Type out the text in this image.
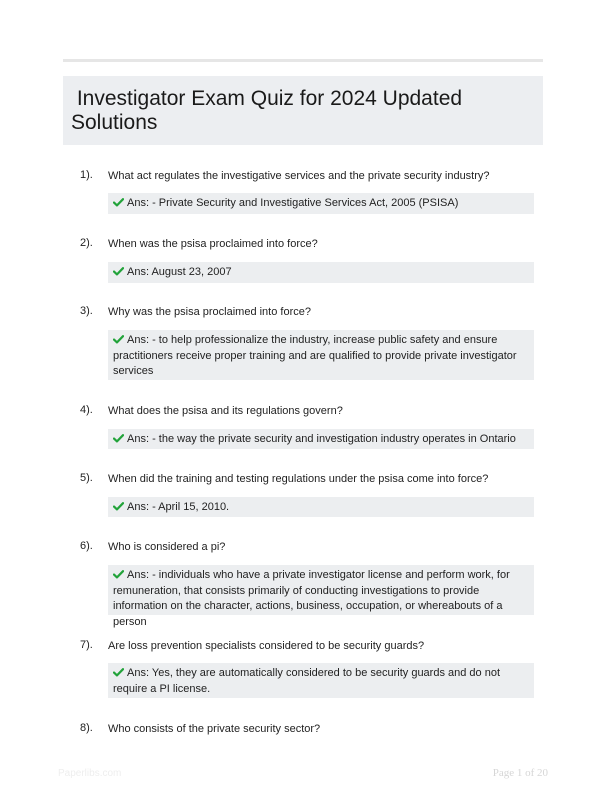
Investigator Exam Quiz for 2024 Updated
Solutions
1).	What act regulates the investigative services and the private security industry?
Ans: - Private Security and Investigative Services Act, 2005 (PSISA)
2).	When was the psisa proclaimed into force?
Ans: August 23, 2007
3).	Why was the psisa proclaimed into force?
Ans: - to help professionalize the industry, increase public safety and ensure practitioners receive proper training and are qualified to provide private investigator services
4).	What does the psisa and its regulations govern?
Ans: - the way the private security and investigation industry operates in Ontario
5).	When did the training and testing regulations under the psisa come into force?
Ans: - April 15, 2010.
6).	Who is considered a pi?
Ans: - individuals who have a private investigator license and perform work, for remuneration, that consists primarily of conducting investigations to provide information on the character, actions, business, occupation, or whereabouts of a person
7).	Are loss prevention specialists considered to be security guards?
Ans: Yes, they are automatically considered to be security guards and do not require a PI license.
8).	Who consists of the private security sector?
Paperlibs.com	Page 1 of 20
